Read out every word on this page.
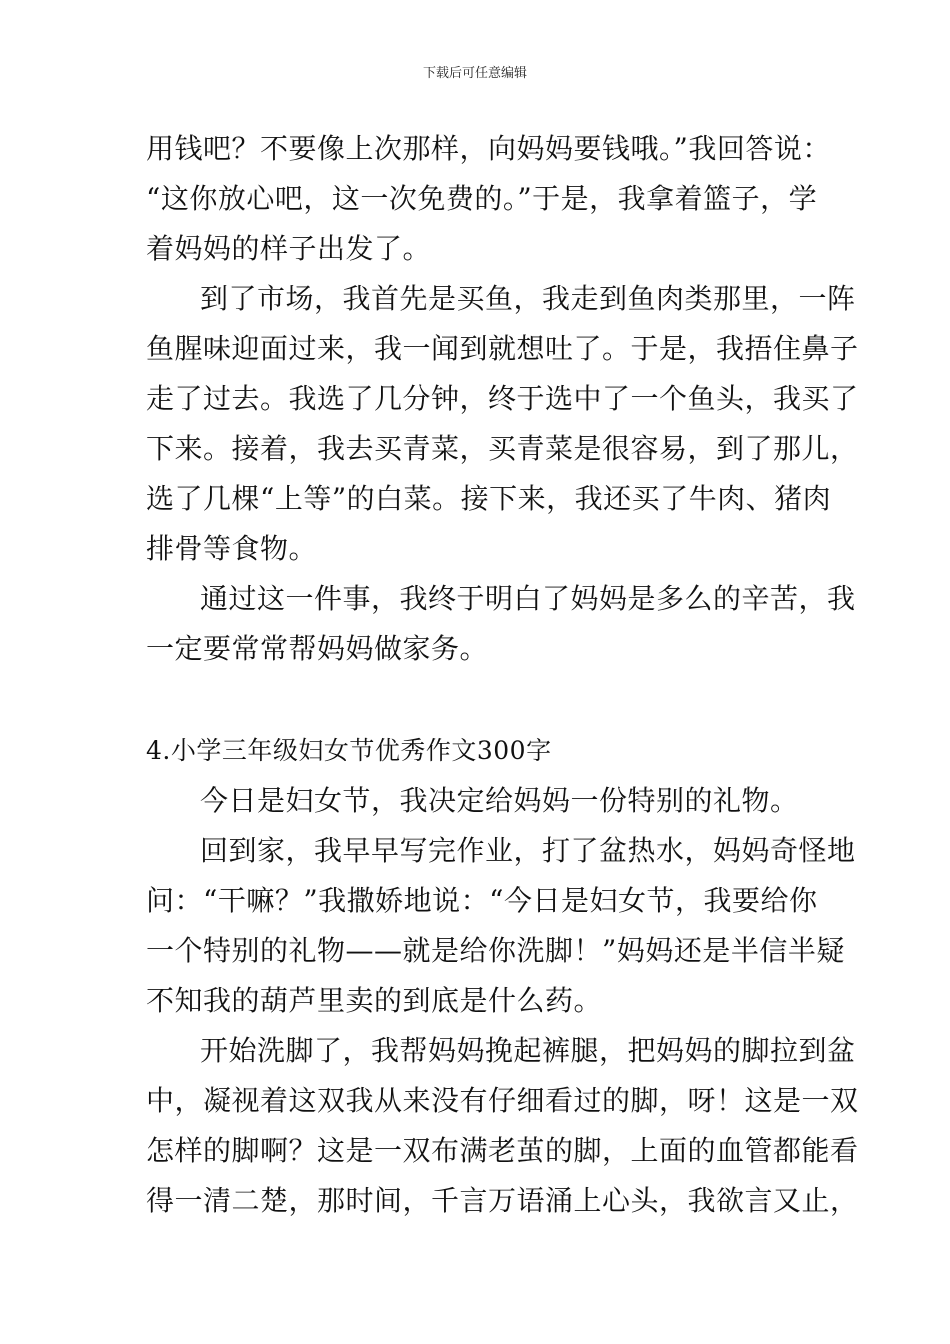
下载后可任意编辑
用钱吧？不要像上次那样，向妈妈要钱哦。”我回答说：
“这你放心吧，这一次免费的。”于是，我拿着篮子，学
着妈妈的样子出发了。
到了市场，我首先是买鱼，我走到鱼肉类那里，一阵
鱼腥味迎面过来，我一闻到就想吐了。于是，我捂住鼻子
走了过去。我选了几分钟，终于选中了一个鱼头，我买了
下来。接着，我去买青菜，买青菜是很容易，到了那儿，
选了几棵“上等”的白菜。接下来，我还买了牛肉、猪肉
排骨等食物。
通过这一件事，我终于明白了妈妈是多么的辛苦，我
一定要常常帮妈妈做家务。
4.小学三年级妇女节优秀作文300字
今日是妇女节，我决定给妈妈一份特别的礼物。
回到家，我早早写完作业，打了盆热水，妈妈奇怪地
问：“干嘛？”我撒娇地说：“今日是妇女节，我要给你
一个特别的礼物——就是给你洗脚！”妈妈还是半信半疑
不知我的葫芦里卖的到底是什么药。
开始洗脚了，我帮妈妈挽起裤腿，把妈妈的脚拉到盆
中，凝视着这双我从来没有仔细看过的脚，呀！这是一双
怎样的脚啊？这是一双布满老茧的脚，上面的血管都能看
得一清二楚，那时间，千言万语涌上心头，我欲言又止，
